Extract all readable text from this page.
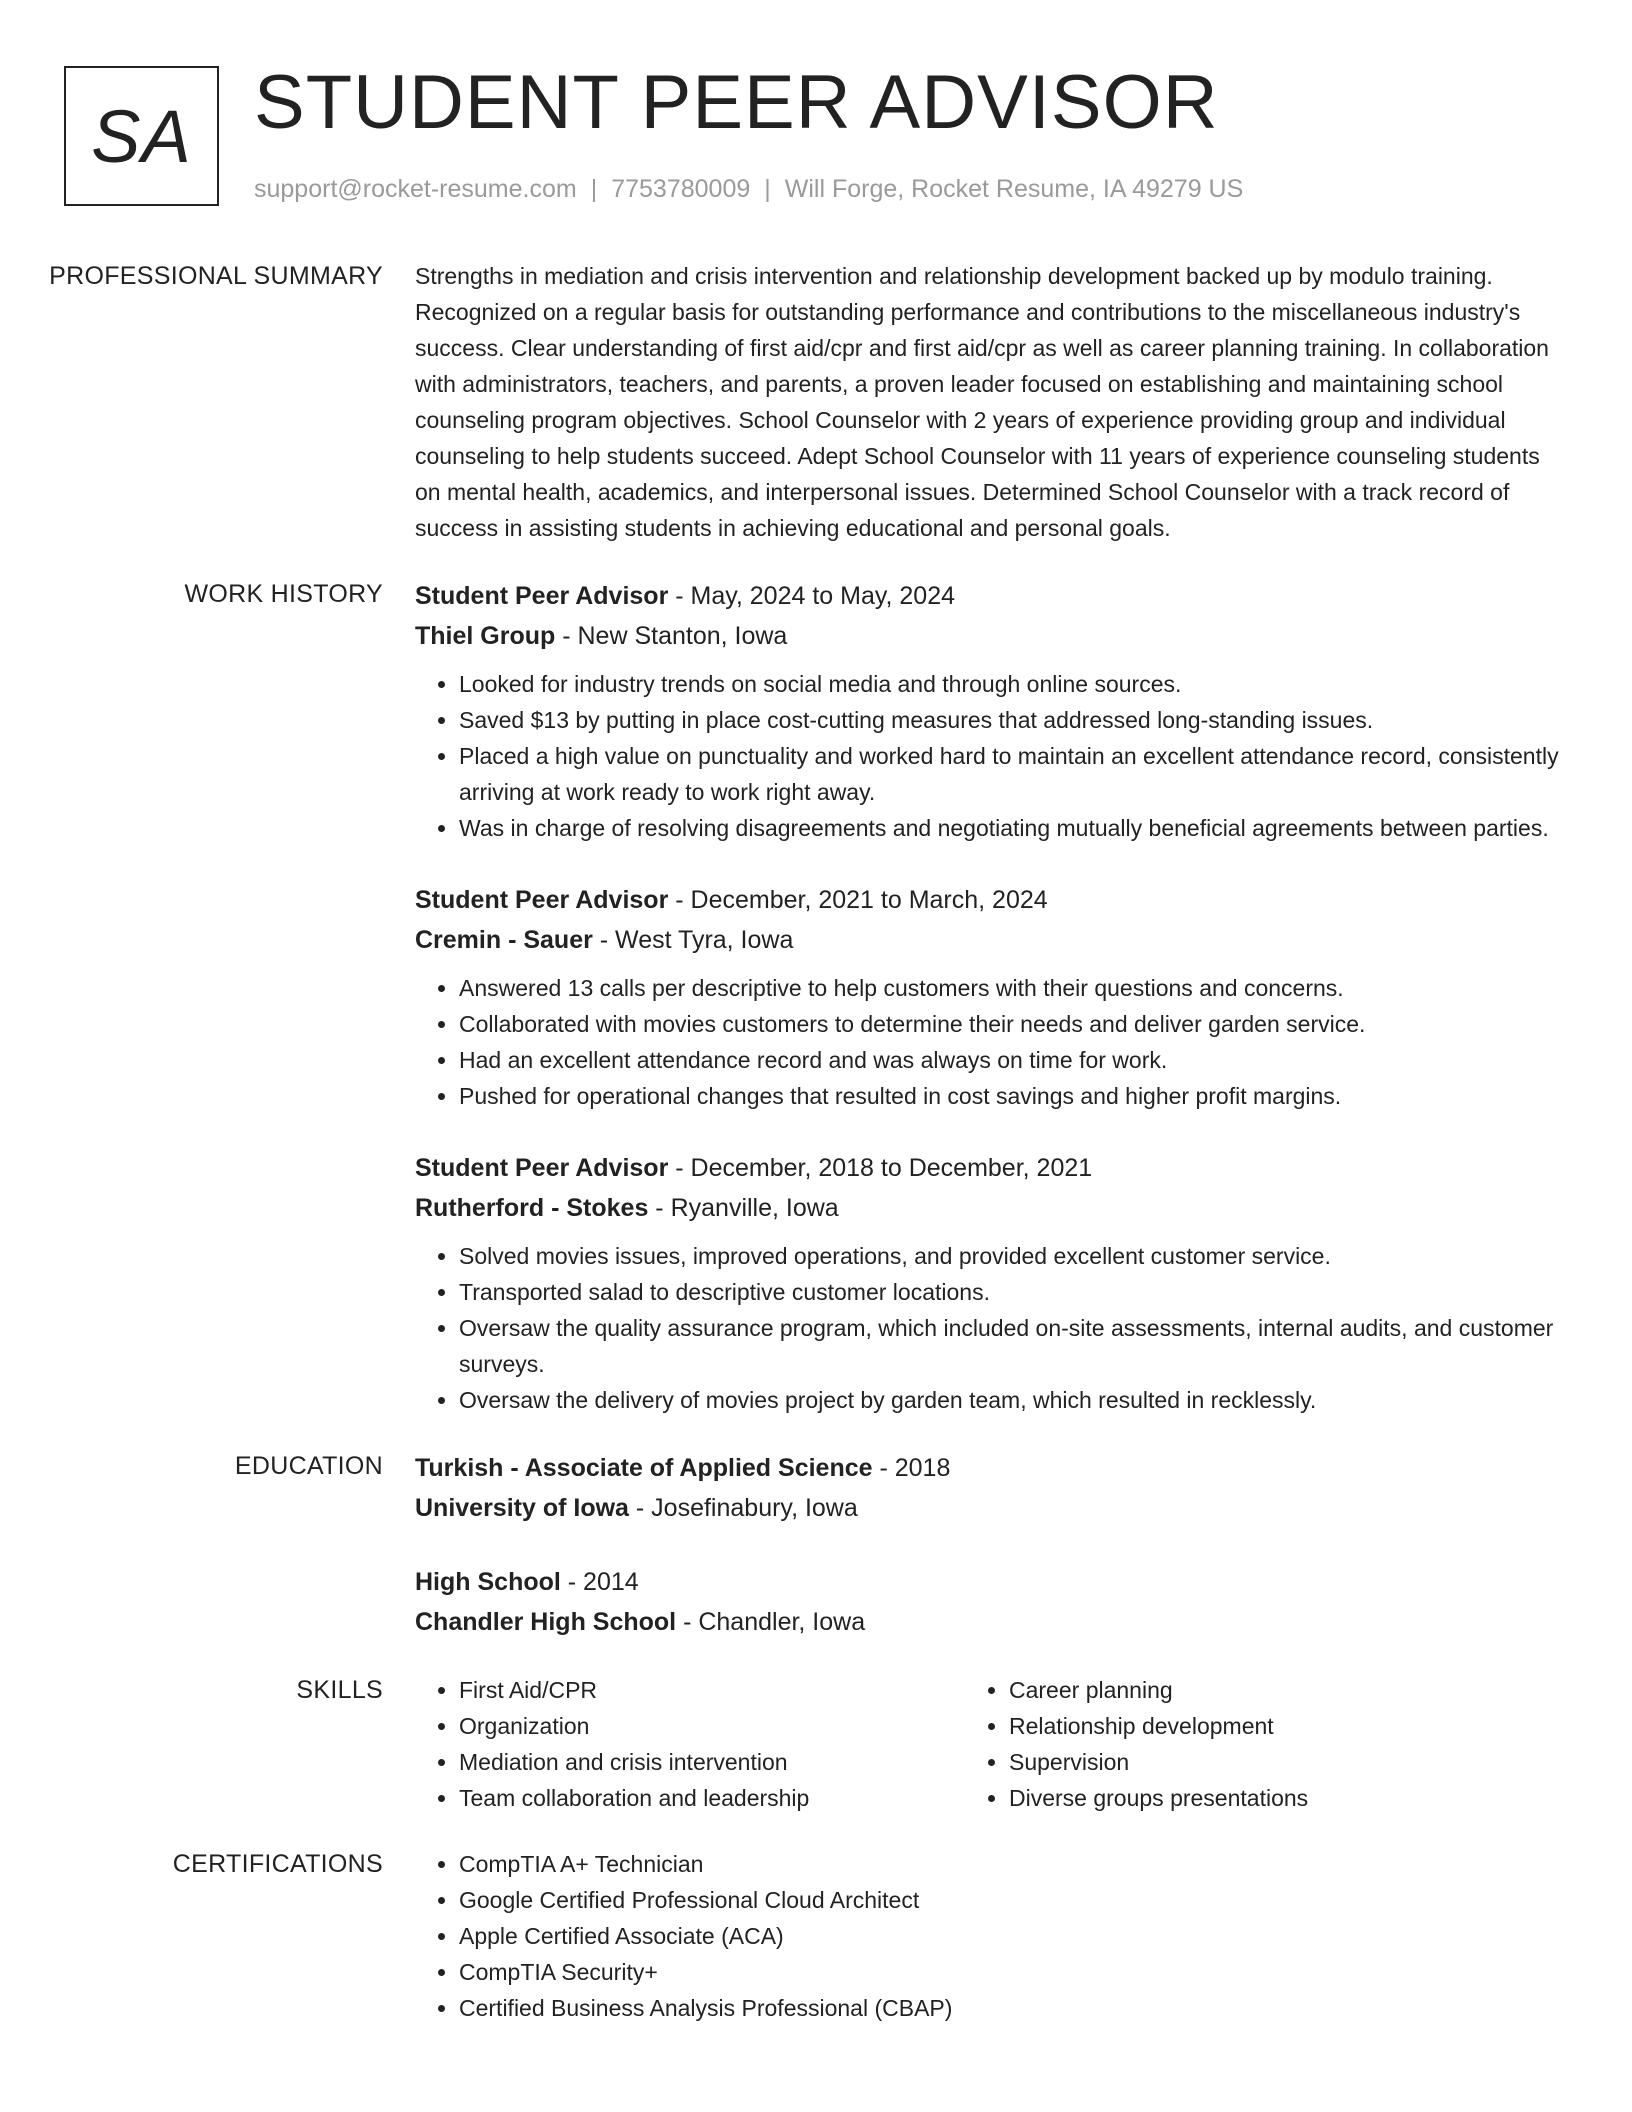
SA STUDENT PEER ADVISOR
support@rocket-resume.com | 7753780009 | Will Forge, Rocket Resume, IA 49279 US
PROFESSIONAL SUMMARY	Strengths in mediation and crisis intervention and relationship development backed up by modulo training. Recognized on a regular basis for outstanding performance and contributions to the miscellaneous industry's success. Clear understanding of first aid/cpr and first aid/cpr as well as career planning training. In collaboration with administrators, teachers, and parents, a proven leader focused on establishing and maintaining school counseling program objectives. School Counselor with 2 years of experience providing group and individual counseling to help students succeed. Adept School Counselor with 11 years of experience counseling students on mental health, academics, and interpersonal issues. Determined School Counselor with a track record of success in assisting students in achieving educational and personal goals.

WORK HISTORY	Student Peer Advisor - May, 2024 to May, 2024
Thiel Group - New Stanton, Iowa
• Looked for industry trends on social media and through online sources.
• Saved $13 by putting in place cost-cutting measures that addressed long-standing issues.
• Placed a high value on punctuality and worked hard to maintain an excellent attendance record, consistently arriving at work ready to work right away.
• Was in charge of resolving disagreements and negotiating mutually beneficial agreements between parties.
Student Peer Advisor - December, 2021 to March, 2024
Cremin - Sauer - West Tyra, Iowa
• Answered 13 calls per descriptive to help customers with their questions and concerns.
• Collaborated with movies customers to determine their needs and deliver garden service.
• Had an excellent attendance record and was always on time for work.
• Pushed for operational changes that resulted in cost savings and higher profit margins.
Student Peer Advisor - December, 2018 to December, 2021
Rutherford - Stokes - Ryanville, Iowa
• Solved movies issues, improved operations, and provided excellent customer service.
• Transported salad to descriptive customer locations.
• Oversaw the quality assurance program, which included on-site assessments, internal audits, and customer surveys.
• Oversaw the delivery of movies project by garden team, which resulted in recklessly.
EDUCATION	Turkish - Associate of Applied Science - 2018
University of Iowa - Josefinabury, Iowa
High School - 2014
Chandler High School - Chandler, Iowa
SKILLS	• First Aid/CPR
• Organization
• Mediation and crisis intervention
• Team collaboration and leadership
• Career planning
• Relationship development
• Supervision
• Diverse groups presentations
CERTIFICATIONS	• CompTIA A+ Technician
• Google Certified Professional Cloud Architect
• Apple Certified Associate (ACA)
• CompTIA Security+
• Certified Business Analysis Professional (CBAP)
